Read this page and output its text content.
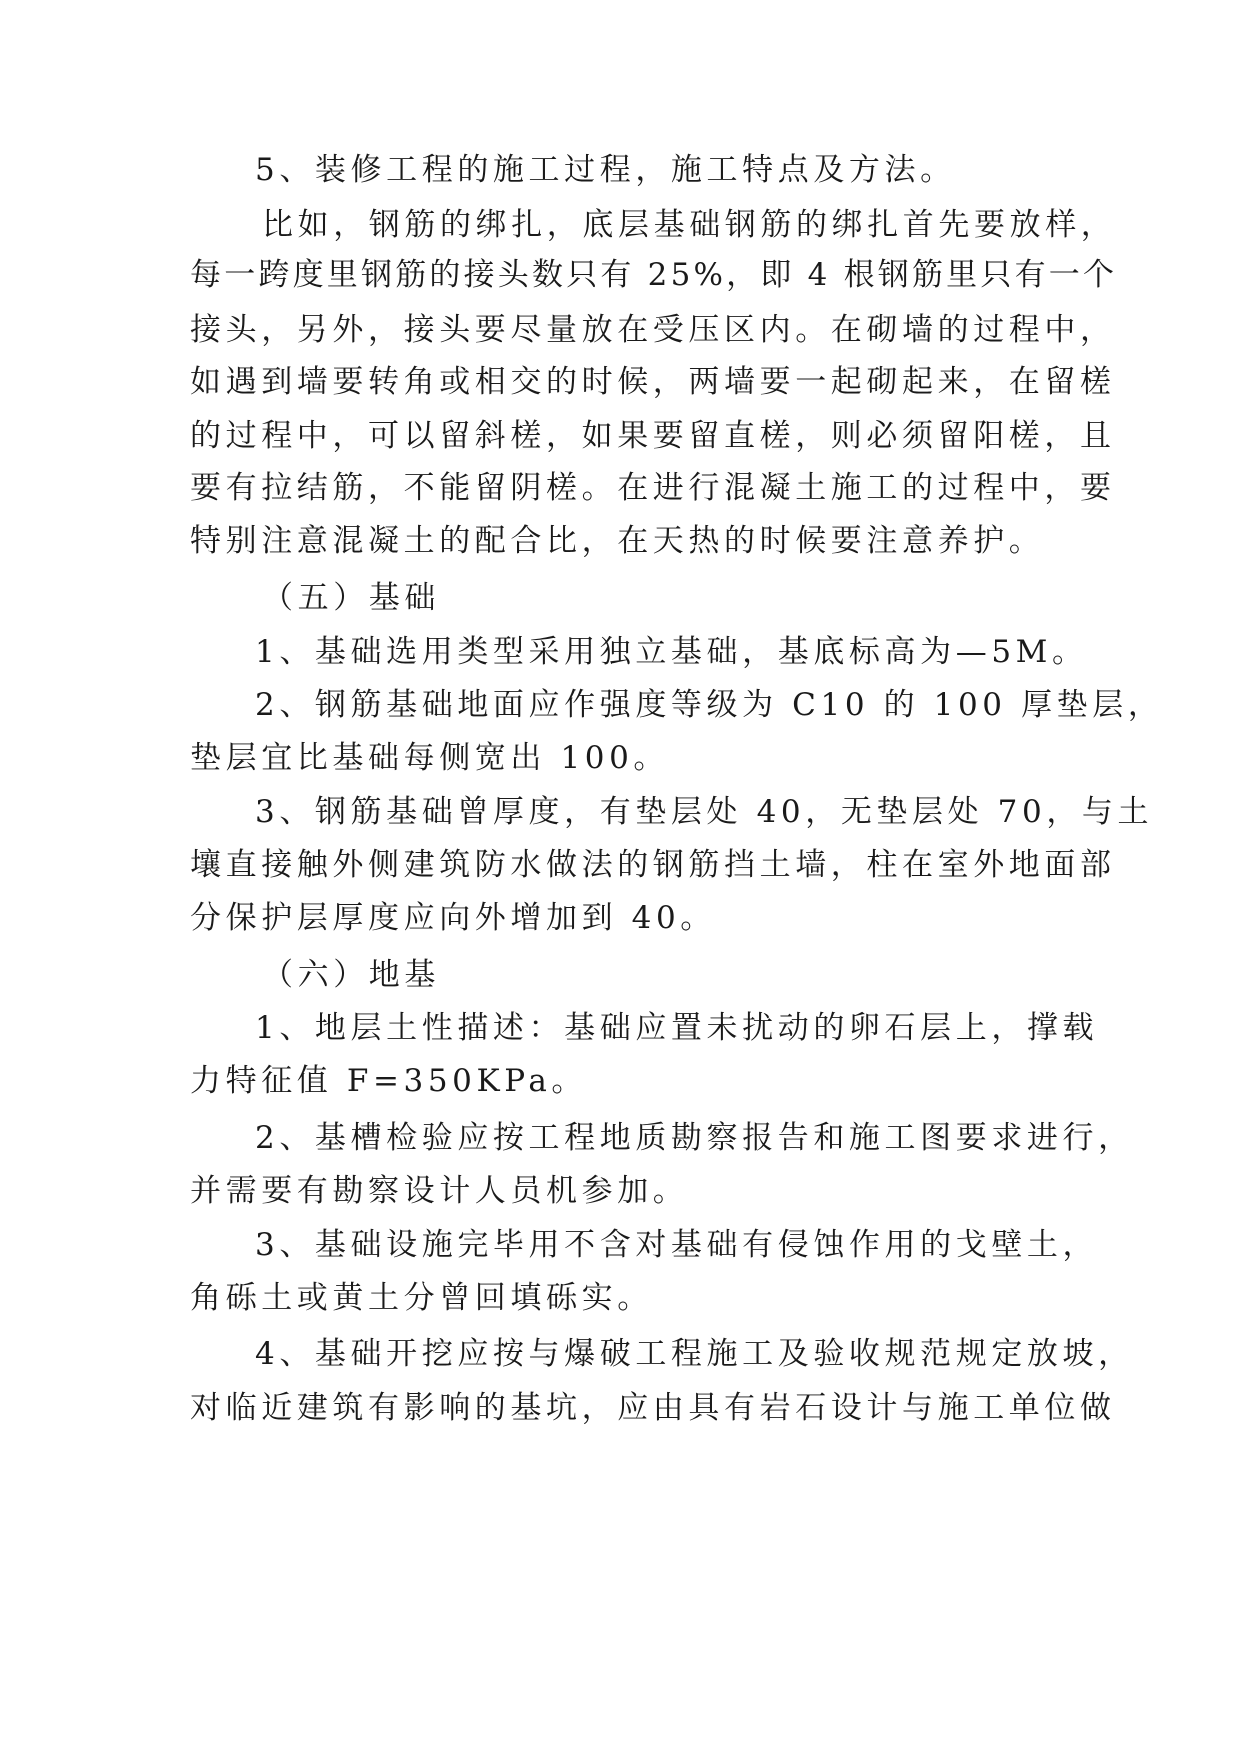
5、装修工程的施工过程，施工特点及方法。
比如，钢筋的绑扎，底层基础钢筋的绑扎首先要放样，
每一跨度里钢筋的接头数只有 25%，即 4 根钢筋里只有一个
接头，另外，接头要尽量放在受压区内。在砌墙的过程中，
如遇到墙要转角或相交的时候，两墙要一起砌起来，在留槎
的过程中，可以留斜槎，如果要留直槎，则必须留阳槎，且
要有拉结筋，不能留阴槎。在进行混凝土施工的过程中，要
特别注意混凝土的配合比，在天热的时候要注意养护。
（五）基础
1、基础选用类型采用独立基础，基底标高为—5M。
2、钢筋基础地面应作强度等级为 C10 的 100 厚垫层，
垫层宜比基础每侧宽出 100。
3、钢筋基础曾厚度，有垫层处 40，无垫层处 70，与土
壤直接触外侧建筑防水做法的钢筋挡土墙，柱在室外地面部
分保护层厚度应向外增加到 40。
（六）地基
1、地层土性描述：基础应置未扰动的卵石层上，撑载
力特征值 F=350KPa。
2、基槽检验应按工程地质勘察报告和施工图要求进行，
并需要有勘察设计人员机参加。
3、基础设施完毕用不含对基础有侵蚀作用的戈壁土，
角砾土或黄土分曾回填砾实。
4、基础开挖应按与爆破工程施工及验收规范规定放坡，
对临近建筑有影响的基坑，应由具有岩石设计与施工单位做
